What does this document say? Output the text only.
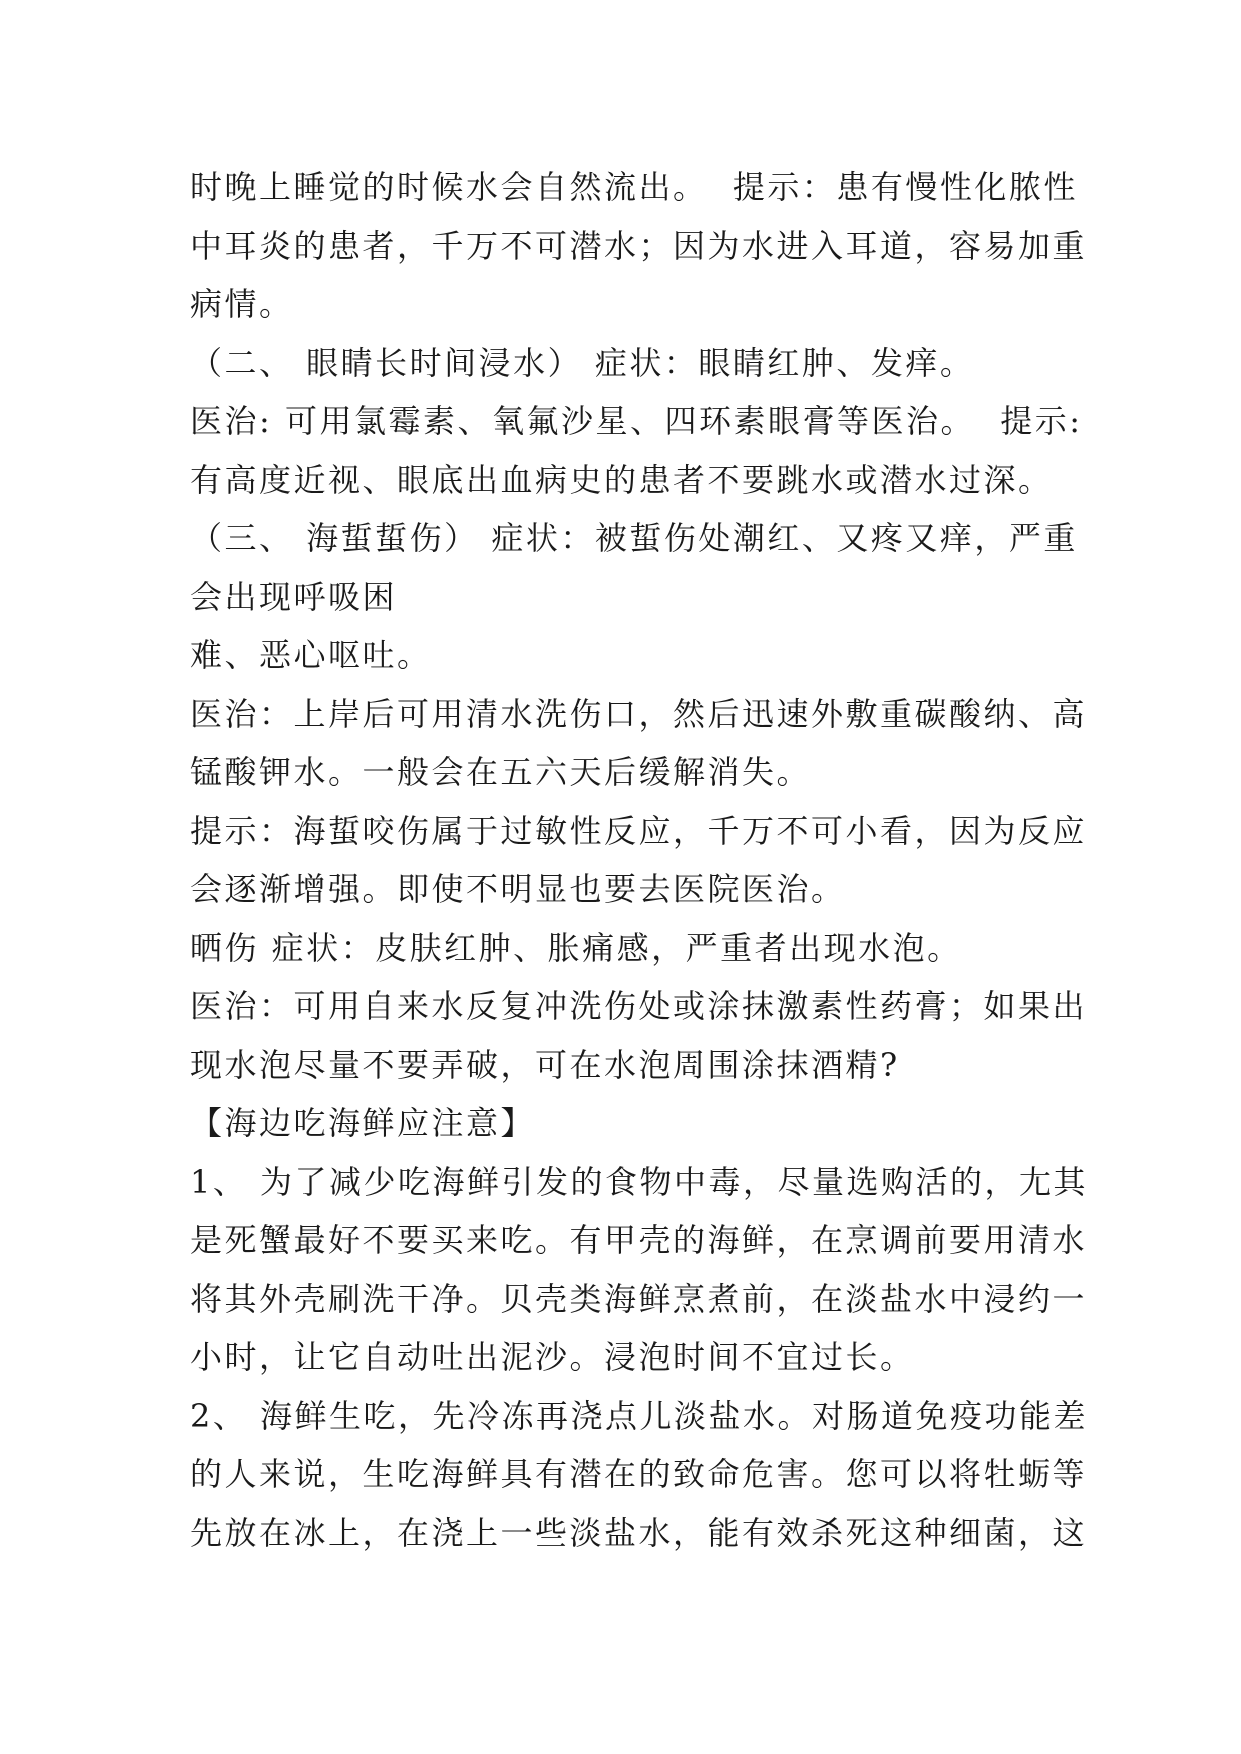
时晚上睡觉的时候水会自然流出。  提示：患有慢性化脓性
中耳炎的患者，千万不可潜水；因为水进入耳道，容易加重
病情。
（二、 眼睛长时间浸水） 症状：眼睛红肿、发痒。
医治: 可用氯霉素、氧氟沙星、四环素眼膏等医治。  提示:
有高度近视、眼底出血病史的患者不要跳水或潜水过深。
（三、 海蜇蜇伤） 症状：被蜇伤处潮红、又疼又痒，严重
会出现呼吸困
难、恶心呕吐。
医治：上岸后可用清水洗伤口，然后迅速外敷重碳酸纳、高
锰酸钾水。一般会在五六天后缓解消失。
提示：海蜇咬伤属于过敏性反应，千万不可小看，因为反应
会逐渐增强。即使不明显也要去医院医治。
晒伤 症状：皮肤红肿、胀痛感，严重者出现水泡。
医治：可用自来水反复冲洗伤处或涂抹激素性药膏；如果出
现水泡尽量不要弄破，可在水泡周围涂抹酒精?
【海边吃海鲜应注意】
1、 为了减少吃海鲜引发的食物中毒，尽量选购活的，尢其
是死蟹最好不要买来吃。有甲壳的海鲜，在烹调前要用清水
将其外壳刷洗干净。贝壳类海鲜烹煮前，在淡盐水中浸约一
小时，让它自动吐出泥沙。浸泡时间不宜过长。
2、 海鲜生吃，先冷冻再浇点儿淡盐水。对肠道免疫功能差
的人来说，生吃海鲜具有潜在的致命危害。您可以将牡蛎等
先放在冰上，在浇上一些淡盐水，能有效杀死这种细菌，这
